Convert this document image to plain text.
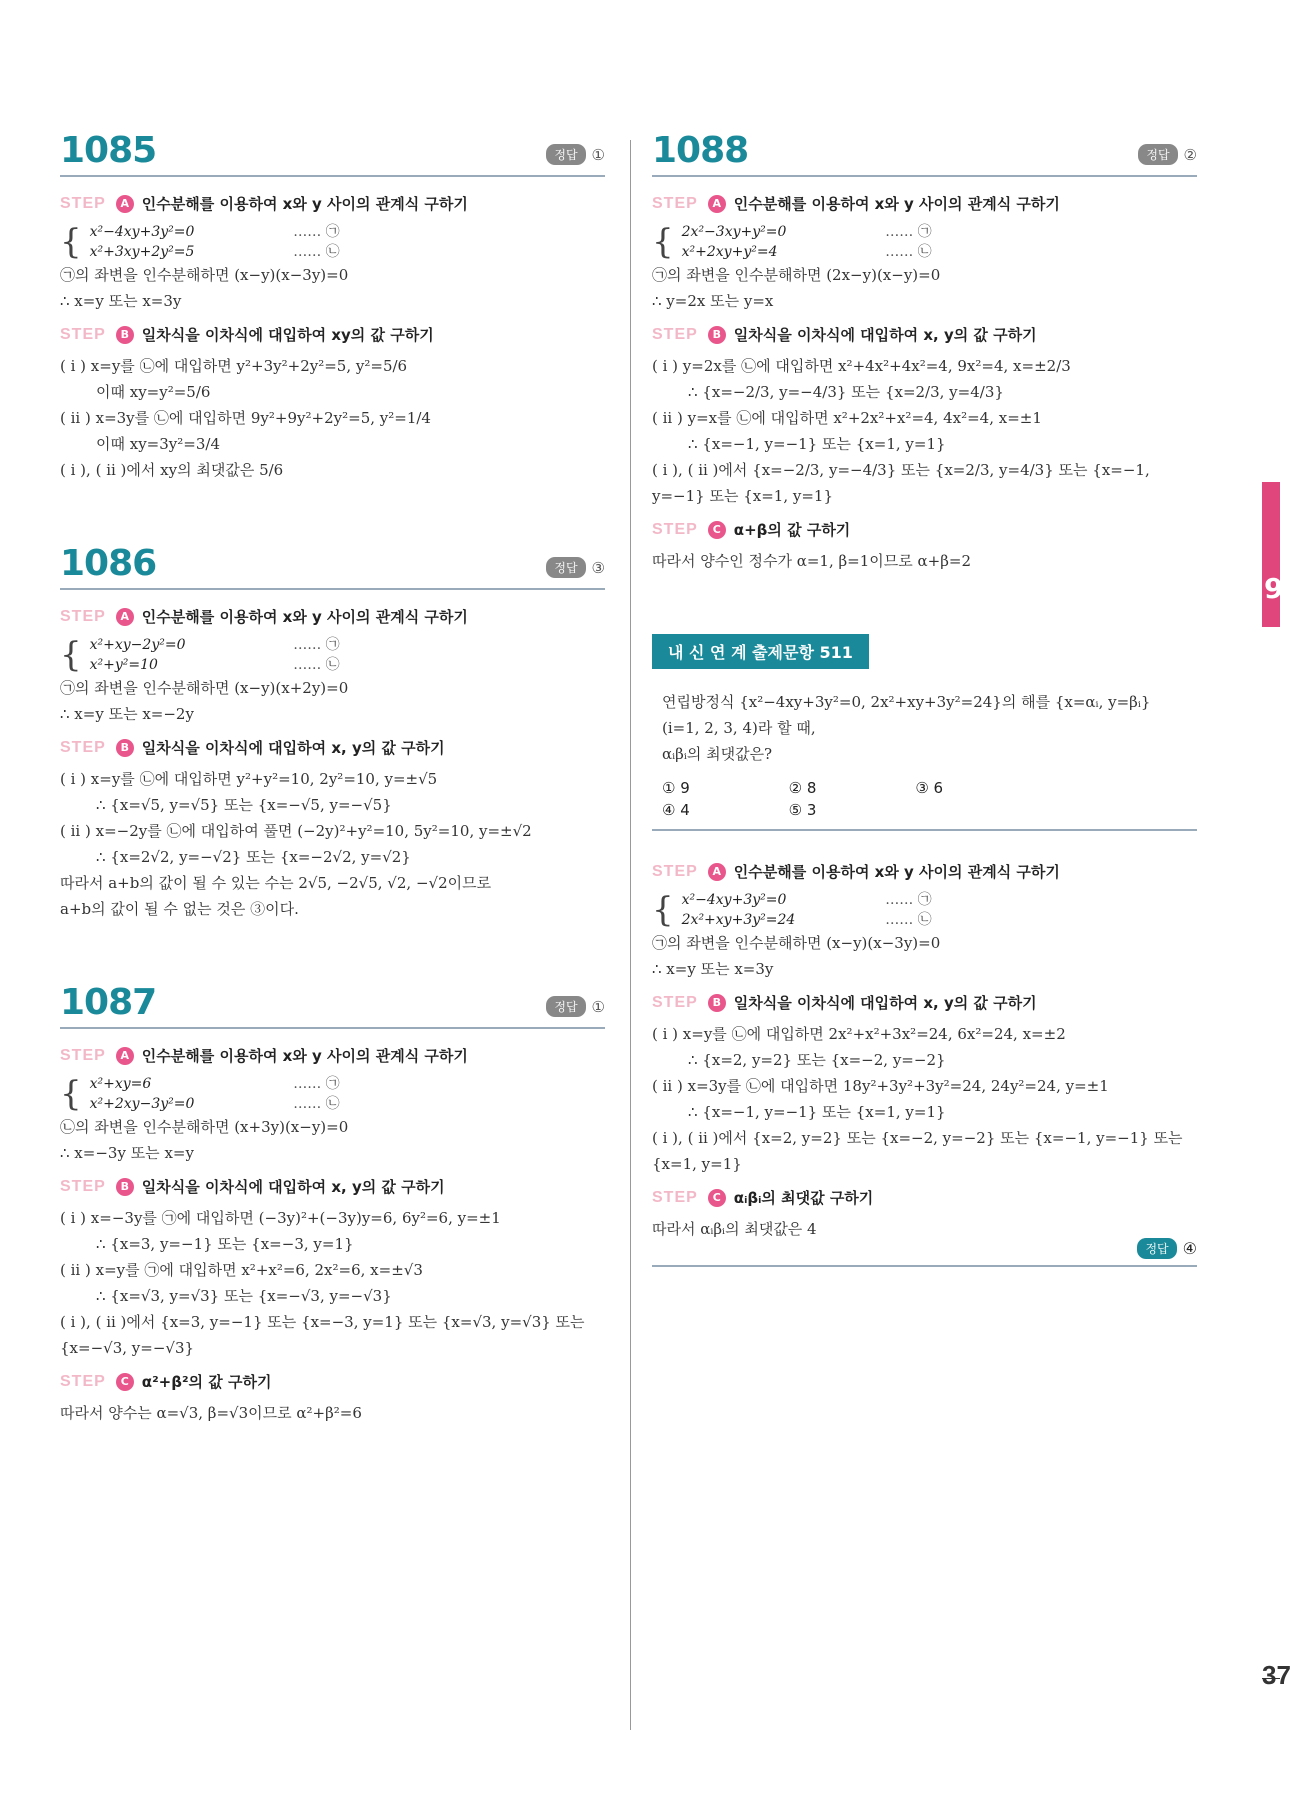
9
37
1085	정답 ①
STEP	A 인수분해를 이용하여 x와 y 사이의 관계식 구하기
{ x²−4xy+3y²=0	…… ㉠
x²+3xy+2y²=5	…… ㉡
㉠의 좌변을 인수분해하면 (x−y)(x−3y)=0
∴ x=y 또는 x=3y
STEP	B 일차식을 이차식에 대입하여 xy의 값 구하기
( i ) x=y를 ㉡에 대입하면 y²+3y²+2y²=5, y²=5/6
이때 xy=y²=5/6
( ii ) x=3y를 ㉡에 대입하면 9y²+9y²+2y²=5, y²=1/4
이때 xy=3y²=3/4
( i ), ( ii )에서 xy의 최댓값은 5/6
1086	정답 ③
STEP	A 인수분해를 이용하여 x와 y 사이의 관계식 구하기
{ x²+xy−2y²=0	…… ㉠
x²+y²=10	…… ㉡
㉠의 좌변을 인수분해하면 (x−y)(x+2y)=0
∴ x=y 또는 x=−2y
STEP	B 일차식을 이차식에 대입하여 x, y의 값 구하기
( i ) x=y를 ㉡에 대입하면 y²+y²=10, 2y²=10, y=±√5
∴ {x=√5, y=√5} 또는 {x=−√5, y=−√5}
( ii ) x=−2y를 ㉡에 대입하여 풀면 (−2y)²+y²=10, 5y²=10, y=±√2
∴ {x=2√2, y=−√2} 또는 {x=−2√2, y=√2}
따라서 a+b의 값이 될 수 있는 수는 2√5, −2√5, √2, −√2이므로
a+b의 값이 될 수 없는 것은 ③이다.
1087	정답 ①
STEP	A 인수분해를 이용하여 x와 y 사이의 관계식 구하기
{ x²+xy=6	…… ㉠
x²+2xy−3y²=0	…… ㉡
㉡의 좌변을 인수분해하면 (x+3y)(x−y)=0
∴ x=−3y 또는 x=y
STEP	B 일차식을 이차식에 대입하여 x, y의 값 구하기
( i ) x=−3y를 ㉠에 대입하면 (−3y)²+(−3y)y=6, 6y²=6, y=±1
∴ {x=3, y=−1} 또는 {x=−3, y=1}
( ii ) x=y를 ㉠에 대입하면 x²+x²=6, 2x²=6, x=±√3
∴ {x=√3, y=√3} 또는 {x=−√3, y=−√3}
( i ), ( ii )에서 {x=3, y=−1} 또는 {x=−3, y=1} 또는 {x=√3, y=√3} 또는 {x=−√3, y=−√3}
STEP	C α²+β²의 값 구하기
따라서 양수는 α=√3, β=√3이므로 α²+β²=6
1088	정답 ②
STEP	A 인수분해를 이용하여 x와 y 사이의 관계식 구하기
{ 2x²−3xy+y²=0	…… ㉠
x²+2xy+y²=4	…… ㉡
㉠의 좌변을 인수분해하면 (2x−y)(x−y)=0
∴ y=2x 또는 y=x
STEP	B 일차식을 이차식에 대입하여 x, y의 값 구하기
( i ) y=2x를 ㉡에 대입하면 x²+4x²+4x²=4, 9x²=4, x=±2/3
∴ {x=−2/3, y=−4/3} 또는 {x=2/3, y=4/3}
( ii ) y=x를 ㉡에 대입하면 x²+2x²+x²=4, 4x²=4, x=±1
∴ {x=−1, y=−1} 또는 {x=1, y=1}
( i ), ( ii )에서 {x=−2/3, y=−4/3} 또는 {x=2/3, y=4/3} 또는 {x=−1, y=−1} 또는 {x=1, y=1}
STEP	C α+β의 값 구하기
따라서 양수인 정수가 α=1, β=1이므로 α+β=2
내 신 연 계 출제문항 511
연립방정식 {x²−4xy+3y²=0, 2x²+xy+3y²=24}의 해를 {x=αᵢ, y=βᵢ} (i=1, 2, 3, 4)라 할 때,
αᵢβᵢ의 최댓값은?
① 9	② 8	③ 6
④ 4	⑤ 3
STEP	A 인수분해를 이용하여 x와 y 사이의 관계식 구하기
{ x²−4xy+3y²=0	…… ㉠
2x²+xy+3y²=24	…… ㉡
㉠의 좌변을 인수분해하면 (x−y)(x−3y)=0
∴ x=y 또는 x=3y
STEP	B 일차식을 이차식에 대입하여 x, y의 값 구하기
( i ) x=y를 ㉡에 대입하면 2x²+x²+3x²=24, 6x²=24, x=±2
∴ {x=2, y=2} 또는 {x=−2, y=−2}
( ii ) x=3y를 ㉡에 대입하면 18y²+3y²+3y²=24, 24y²=24, y=±1
∴ {x=−1, y=−1} 또는 {x=1, y=1}
( i ), ( ii )에서 {x=2, y=2} 또는 {x=−2, y=−2} 또는 {x=−1, y=−1} 또는 {x=1, y=1}
STEP	C αᵢβᵢ의 최댓값 구하기
따라서 αᵢβᵢ의 최댓값은 4
정답 ④
